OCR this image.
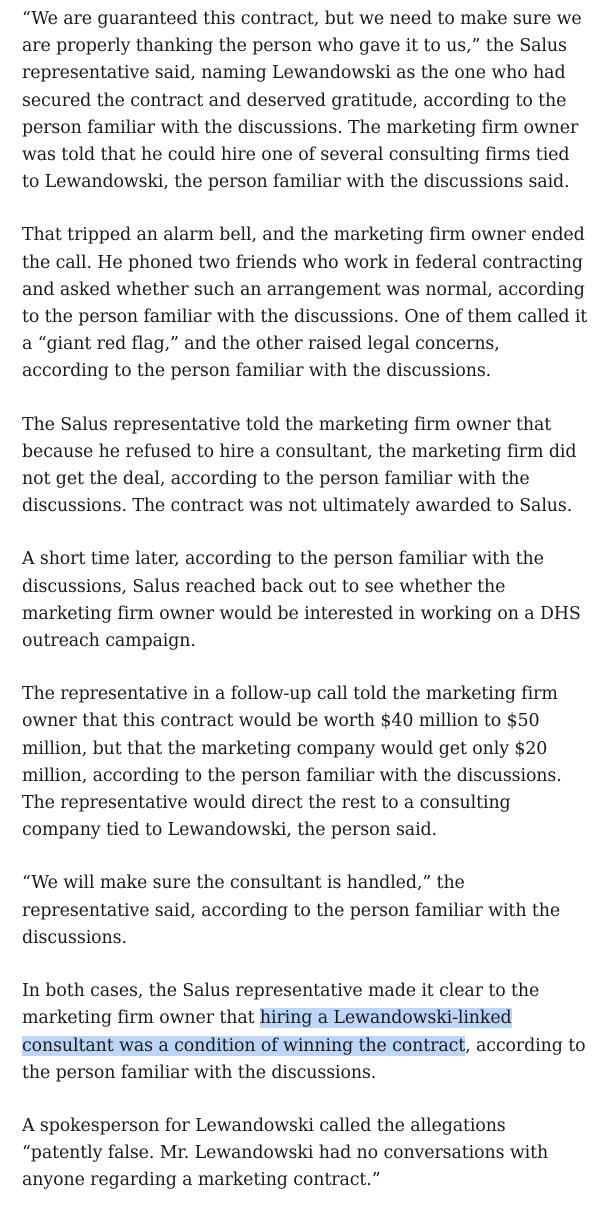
“We are guaranteed this contract, but we need to make sure we are properly thanking the person who gave it to us,” the Salus representative said, naming Lewandowski as the one who had secured the contract and deserved gratitude, according to the person familiar with the discussions. The marketing firm owner was told that he could hire one of several consulting firms tied to Lewandowski, the person familiar with the discussions said.

That tripped an alarm bell, and the marketing firm owner ended the call. He phoned two friends who work in federal contracting and asked whether such an arrangement was normal, according to the person familiar with the discussions. One of them called it a “giant red flag,” and the other raised legal concerns, according to the person familiar with the discussions.

The Salus representative told the marketing firm owner that because he refused to hire a consultant, the marketing firm did not get the deal, according to the person familiar with the discussions. The contract was not ultimately awarded to Salus.

A short time later, according to the person familiar with the discussions, Salus reached back out to see whether the marketing firm owner would be interested in working on a DHS outreach campaign.

The representative in a follow-up call told the marketing firm owner that this contract would be worth $40 million to $50 million, but that the marketing company would get only $20 million, according to the person familiar with the discussions. The representative would direct the rest to a consulting company tied to Lewandowski, the person said.

“We will make sure the consultant is handled,” the representative said, according to the person familiar with the discussions.

In both cases, the Salus representative made it clear to the marketing firm owner that hiring a Lewandowski-linked consultant was a condition of winning the contract, according to the person familiar with the discussions.

A spokesperson for Lewandowski called the allegations “patently false. Mr. Lewandowski had no conversations with anyone regarding a marketing contract.”
